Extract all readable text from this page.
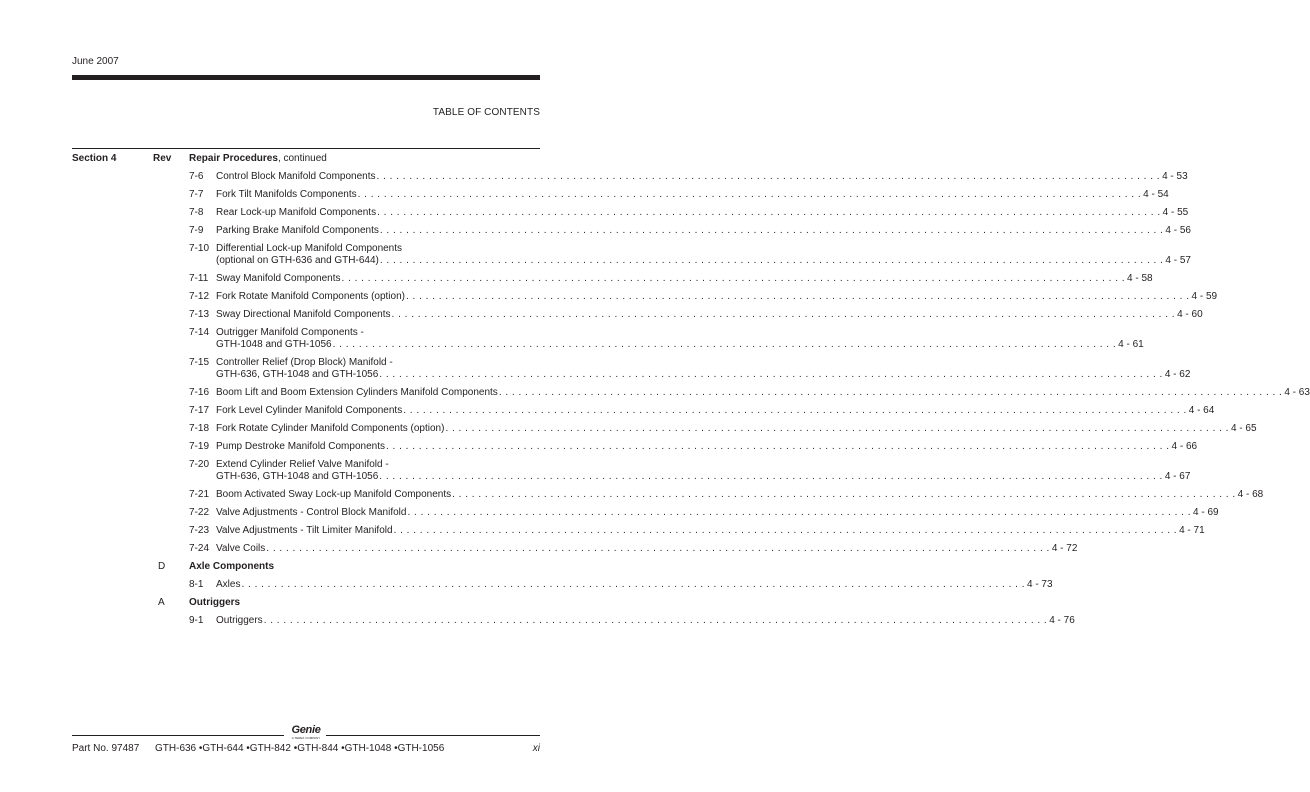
June 2007
TABLE OF CONTENTS
Section 4	Rev Repair Procedures, continued
7-6 Control Block Manifold Components . . . . . . . . . . . . . . . . . . . . . . . . . . . . . . . . . . . . . . . . . . . . . . . . . . . . . . . . . . . . . . . . . . . . . . . . . . . . . . . . . . . . . . . . . . . . . . . . . . . . . . . . . . . . . . . . . . . . . . . . 4 - 53
7-7 Fork Tilt Manifolds Components . . . . . . . . . . . . . . . . . . . . . . . . . . . . . . . . . . . . . . . . . . . . . . . . . . . . . . . . . . . . . . . . . . . . . . . . . . . . . . . . . . . . . . . . . . . . . . . . . . . . . . . . . . . . . . . . . . . . . . . . 4 - 54
7-8 Rear Lock-up Manifold Components . . . . . . . . . . . . . . . . . . . . . . . . . . . . . . . . . . . . . . . . . . . . . . . . . . . . . . . . . . . . . . . . . . . . . . . . . . . . . . . . . . . . . . . . . . . . . . . . . . . . . . . . . . . . . . . . . . . . . . . . 4 - 55
7-9 Parking Brake Manifold Components . . . . . . . . . . . . . . . . . . . . . . . . . . . . . . . . . . . . . . . . . . . . . . . . . . . . . . . . . . . . . . . . . . . . . . . . . . . . . . . . . . . . . . . . . . . . . . . . . . . . . . . . . . . . . . . . . . . . . . . . 4 - 56
7-10 Differential Lock-up Manifold Components
(optional on GTH-636 and GTH-644) . . . . . . . . . . . . . . . . . . . . . . . . . . . . . . . . . . . . . . . . . . . . . . . . . . . . . . . . . . . . . . . . . . . . . . . . . . . . . . . . . . . . . . . . . . . . . . . . . . . . . . . . . . . . . . . . . . . . . . . . 4 - 57
7-11 Sway Manifold Components . . . . . . . . . . . . . . . . . . . . . . . . . . . . . . . . . . . . . . . . . . . . . . . . . . . . . . . . . . . . . . . . . . . . . . . . . . . . . . . . . . . . . . . . . . . . . . . . . . . . . . . . . . . . . . . . . . . . . . . . 4 - 58
7-12 Fork Rotate Manifold Components (option) . . . . . . . . . . . . . . . . . . . . . . . . . . . . . . . . . . . . . . . . . . . . . . . . . . . . . . . . . . . . . . . . . . . . . . . . . . . . . . . . . . . . . . . . . . . . . . . . . . . . . . . . . . . . . . . . . . . . . . . . 4 - 59
7-13 Sway Directional Manifold Components . . . . . . . . . . . . . . . . . . . . . . . . . . . . . . . . . . . . . . . . . . . . . . . . . . . . . . . . . . . . . . . . . . . . . . . . . . . . . . . . . . . . . . . . . . . . . . . . . . . . . . . . . . . . . . . . . . . . . . . . 4 - 60
7-14 Outrigger Manifold Components -
GTH-1048 and GTH-1056 . . . . . . . . . . . . . . . . . . . . . . . . . . . . . . . . . . . . . . . . . . . . . . . . . . . . . . . . . . . . . . . . . . . . . . . . . . . . . . . . . . . . . . . . . . . . . . . . . . . . . . . . . . . . . . . . . . . . . . . . 4 - 61
7-15 Controller Relief (Drop Block) Manifold -
GTH-636, GTH-1048 and GTH-1056 . . . . . . . . . . . . . . . . . . . . . . . . . . . . . . . . . . . . . . . . . . . . . . . . . . . . . . . . . . . . . . . . . . . . . . . . . . . . . . . . . . . . . . . . . . . . . . . . . . . . . . . . . . . . . . . . . . . . . . . . 4 - 62
7-16 Boom Lift and Boom Extension Cylinders Manifold Components . . . . . . . . . . . . . . . . . . . . . . . . . . . . . . . . . . . . . . . . . . . . . . . . . . . . . . . . . . . . . . . . . . . . . . . . . . . . . . . . . . . . . . . . . . . . . . . . . . . . . . . . . . . . . . . . . . . . . . . . 4 - 63
7-17 Fork Level Cylinder Manifold Components . . . . . . . . . . . . . . . . . . . . . . . . . . . . . . . . . . . . . . . . . . . . . . . . . . . . . . . . . . . . . . . . . . . . . . . . . . . . . . . . . . . . . . . . . . . . . . . . . . . . . . . . . . . . . . . . . . . . . . . . 4 - 64
7-18 Fork Rotate Cylinder Manifold Components (option) . . . . . . . . . . . . . . . . . . . . . . . . . . . . . . . . . . . . . . . . . . . . . . . . . . . . . . . . . . . . . . . . . . . . . . . . . . . . . . . . . . . . . . . . . . . . . . . . . . . . . . . . . . . . . . . . . . . . . . . . 4 - 65
7-19 Pump Destroke Manifold Components . . . . . . . . . . . . . . . . . . . . . . . . . . . . . . . . . . . . . . . . . . . . . . . . . . . . . . . . . . . . . . . . . . . . . . . . . . . . . . . . . . . . . . . . . . . . . . . . . . . . . . . . . . . . . . . . . . . . . . . . 4 - 66
7-20 Extend Cylinder Relief Valve Manifold -
GTH-636, GTH-1048 and GTH-1056 . . . . . . . . . . . . . . . . . . . . . . . . . . . . . . . . . . . . . . . . . . . . . . . . . . . . . . . . . . . . . . . . . . . . . . . . . . . . . . . . . . . . . . . . . . . . . . . . . . . . . . . . . . . . . . . . . . . . . . . . 4 - 67
7-21 Boom Activated Sway Lock-up Manifold Components . . . . . . . . . . . . . . . . . . . . . . . . . . . . . . . . . . . . . . . . . . . . . . . . . . . . . . . . . . . . . . . . . . . . . . . . . . . . . . . . . . . . . . . . . . . . . . . . . . . . . . . . . . . . . . . . . . . . . . . . 4 - 68
7-22 Valve Adjustments - Control Block Manifold . . . . . . . . . . . . . . . . . . . . . . . . . . . . . . . . . . . . . . . . . . . . . . . . . . . . . . . . . . . . . . . . . . . . . . . . . . . . . . . . . . . . . . . . . . . . . . . . . . . . . . . . . . . . . . . . . . . . . . . . 4 - 69
7-23 Valve Adjustments - Tilt Limiter Manifold . . . . . . . . . . . . . . . . . . . . . . . . . . . . . . . . . . . . . . . . . . . . . . . . . . . . . . . . . . . . . . . . . . . . . . . . . . . . . . . . . . . . . . . . . . . . . . . . . . . . . . . . . . . . . . . . . . . . . . . . 4 - 71
7-24 Valve Coils . . . . . . . . . . . . . . . . . . . . . . . . . . . . . . . . . . . . . . . . . . . . . . . . . . . . . . . . . . . . . . . . . . . . . . . . . . . . . . . . . . . . . . . . . . . . . . . . . . . . . . . . . . . . . . . . . . . . . . . . 4 - 72
D Axle Components
8-1 Axles . . . . . . . . . . . . . . . . . . . . . . . . . . . . . . . . . . . . . . . . . . . . . . . . . . . . . . . . . . . . . . . . . . . . . . . . . . . . . . . . . . . . . . . . . . . . . . . . . . . . . . . . . . . . . . . . . . . . . . . . 4 - 73
A Outriggers
9-1 Outriggers . . . . . . . . . . . . . . . . . . . . . . . . . . . . . . . . . . . . . . . . . . . . . . . . . . . . . . . . . . . . . . . . . . . . . . . . . . . . . . . . . . . . . . . . . . . . . . . . . . . . . . . . . . . . . . . . . . . . . . . . 4 - 76
Genie
A TEREX COMPANY
Part No. 97487 GTH-636 •GTH-644 •GTH-842 •GTH-844 •GTH-1048 •GTH-1056	xi
